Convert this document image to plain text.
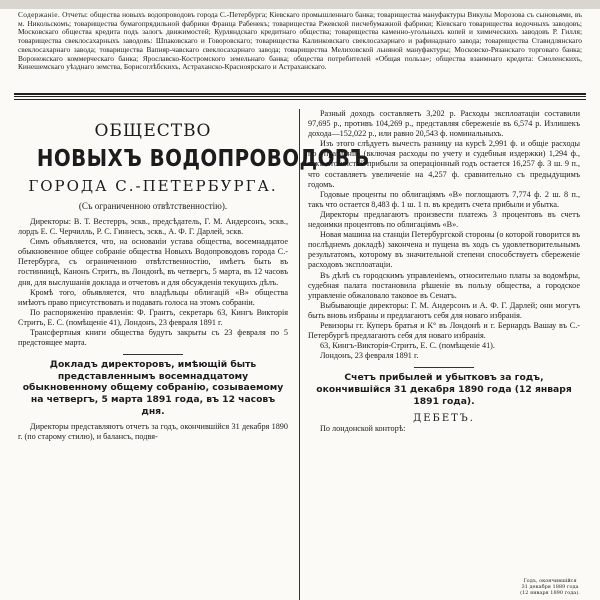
Содержаніе. Отчеты: общества новыхъ водопроводовъ города С.-Петербурга; Кіевскаго промышленнаго банка; товарищества мануфактуры Викулы Морозова съ сыновьями, въ м. Никольскомъ; товарищества бумагопрядильной фабрики Франца Рабенекъ; товарищества Ржевской писчебумажной фабрики; Кіевскаго товарищества водочныхъ заводовъ; Московскаго общества кредита подъ залогъ движимостей; Курляндскаго кредитнаго общества; товарищества каменно-угольныхъ копей и химическихъ заводовъ Р. Гилля; товарищества свеклосахарныхъ заводовъ: Шпаковскаго и Говоровскаго; товарищества Калинковскаго свеклосахарнаго и рафинаднаго завода; товарищества Ставидлянскаго свеклосахарнаго завода; товарищества Вапняр-чавскаго свеклосахарнаго завода; товарищества Мелиховской льняной мануфактуры; Московско-Рязанскаго торговаго банка; Воронежскаго коммерческаго банка; Ярославско-Костромского земельнаго банка; общества потребителей «Общая польза»; общества взаимнаго кредита: Смоленскихъ, Кинешемскаго уѣзднаго земства, Борисоглѣбскихъ, Астраханско-Красноярскаго и Астраханскаго.
ОБЩЕСТВО
НОВЫХЪ ВОДОПРОВОДОВЪ
ГОРОДА С.-ПЕТЕРБУРГА.
(Съ ограниченною отвѣтственностію).

Директоры: В. Т. Вестерръ, эскв., предсѣдатель, Г. М. Андерсонъ, эскв., лордъ Е. С. Черчилль, Р. С. Гиннесъ, эскв., А. Ф. Г. Дарлей, эскв.

Симъ объявляется, что, на основаніи устава общества, восемнадцатое обыкновенное общее собраніе общества Новыхъ Водопроводовъ города С.-Петербурга, съ ограниченною отвѣтственностію, имѣетъ быть въ гостинницѣ, Канонъ Стритъ, въ Лондонѣ, въ четвергъ, 5 марта, въ 12 часовъ дня, для выслушанія доклада и отчетовъ и для обсужденія текущихъ дѣлъ.

Кромѣ того, объявляется, что владѣльцы облигацій «В» общества имѣютъ право присутствовать и подавать голоса на этомъ собраніи.

По распоряженію правленія: Ф. Грантъ, секретарь 63, Кингъ Викторія Стритъ, Е. С. (помѣщеніе 41), Лондонъ, 23 февраля 1891 г.

Трансфертныя книги общества будутъ закрыты съ 23 февраля по 5 предстоящее марта.

Докладъ директоровъ, имѣющій быть представленнымъ восемнадцатому обыкновенному общему собранію, созываемому на четвергъ, 5 марта 1891 года, въ 12 часовъ дня.

Директоры представляютъ отчетъ за годъ, окончившійся 31 декабря 1890 г. (по старому стилю), и балансъ, подвя-

Разный доходъ составляетъ 3,202 р. Расходы эксплоатаціи составили 97,695 р., противъ 104,269 р., представляя сбереженіе въ 6,574 р. Излишекъ дохода—152,022 р., или равно 20,543 ф. номинальныхъ.

Изъ этого слѣдуетъ вычесть разницу на курсѣ 2,991 ф. и общіе расходы по управленію (включая расходы по учету и судебныя издержки) 1,294 ф., такъ что чистой прибыли за операціонный годъ остается 16,257 ф. 3 ш. 9 п., что составляетъ увеличеніе на 4,257 ф. сравнительно съ предыдущимъ годомъ.

Годовые проценты по облигаціямъ «В» поглощаютъ 7,774 ф. 2 ш. 8 п., такъ что остается 8,483 ф. 1 ш. 1 п. въ кредитъ счета прибыли и убытка.

Директоры предлагаютъ произвести платежъ 3 процентовъ въ счетъ недоимки процентовъ по облигаціямъ «В».

Новая машина на станціи Петербургской стороны (о которой говорится въ послѣднемъ докладѣ) закончена и пущена въ ходъ съ удовлетворительнымъ результатомъ, которому въ значительной степени способствуетъ сбереженіе расходовъ эксплоатаціи.

Въ дѣлѣ съ городскимъ управленіемъ, относительно платы за водомѣры, судебная палата постановила рѣшеніе въ пользу общества, а городское управленіе обжаловало таковое въ Сенатъ.

Выбывающіе директоры: Г. М. Андерсонъ и А. Ф. Г. Дарлей; они могутъ быть вновь избраны и предлагаютъ себя для новаго избранія.

Ревизоры гг. Куперъ братья и К° въ Лондонѣ и г. Бернардъ Вашау въ С.-Петербургѣ предлагаютъ себя для новаго избранія.

63, Кингъ-Викторія-Стритъ, Е. С. (помѣщеніе 41).

Лондонъ, 23 февраля 1891 г.

Счетъ прибылей и убытковъ за годъ, окончившійся 31 декабря 1890 года (12 января 1891 года).

ДЕБЕТЪ.

По лондонской конторѣ:

Годъ, окончившійся 31 декабря 1889 года (12 января 1890 года).
